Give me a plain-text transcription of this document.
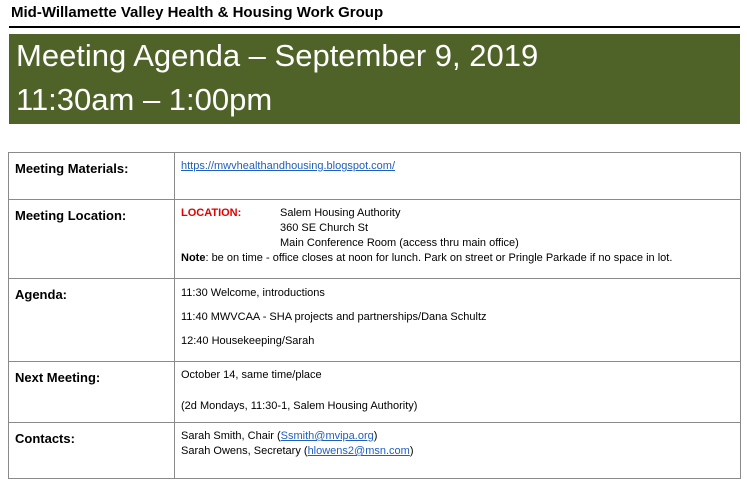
Mid-Willamette Valley Health & Housing Work Group
Meeting Agenda – September 9, 2019
11:30am – 1:00pm
Meeting Materials:	https://mwvhealthandhousing.blogspot.com/
Meeting Location:	LOCATION: Salem Housing Authority
360 SE Church St
Main Conference Room (access thru main office)
Note: be on time - office closes at noon for lunch. Park on street or Pringle Parkade if no space in lot.

Agenda:	11:30 Welcome, introductions
11:40 MWVCAA - SHA projects and partnerships/Dana Schultz
12:40 Housekeeping/Sarah

Next Meeting:	October 14, same time/place
(2d Mondays, 11:30-1, Salem Housing Authority)

Contacts:	Sarah Smith, Chair (Ssmith@mvipa.org)
Sarah Owens, Secretary (hlowens2@msn.com)
